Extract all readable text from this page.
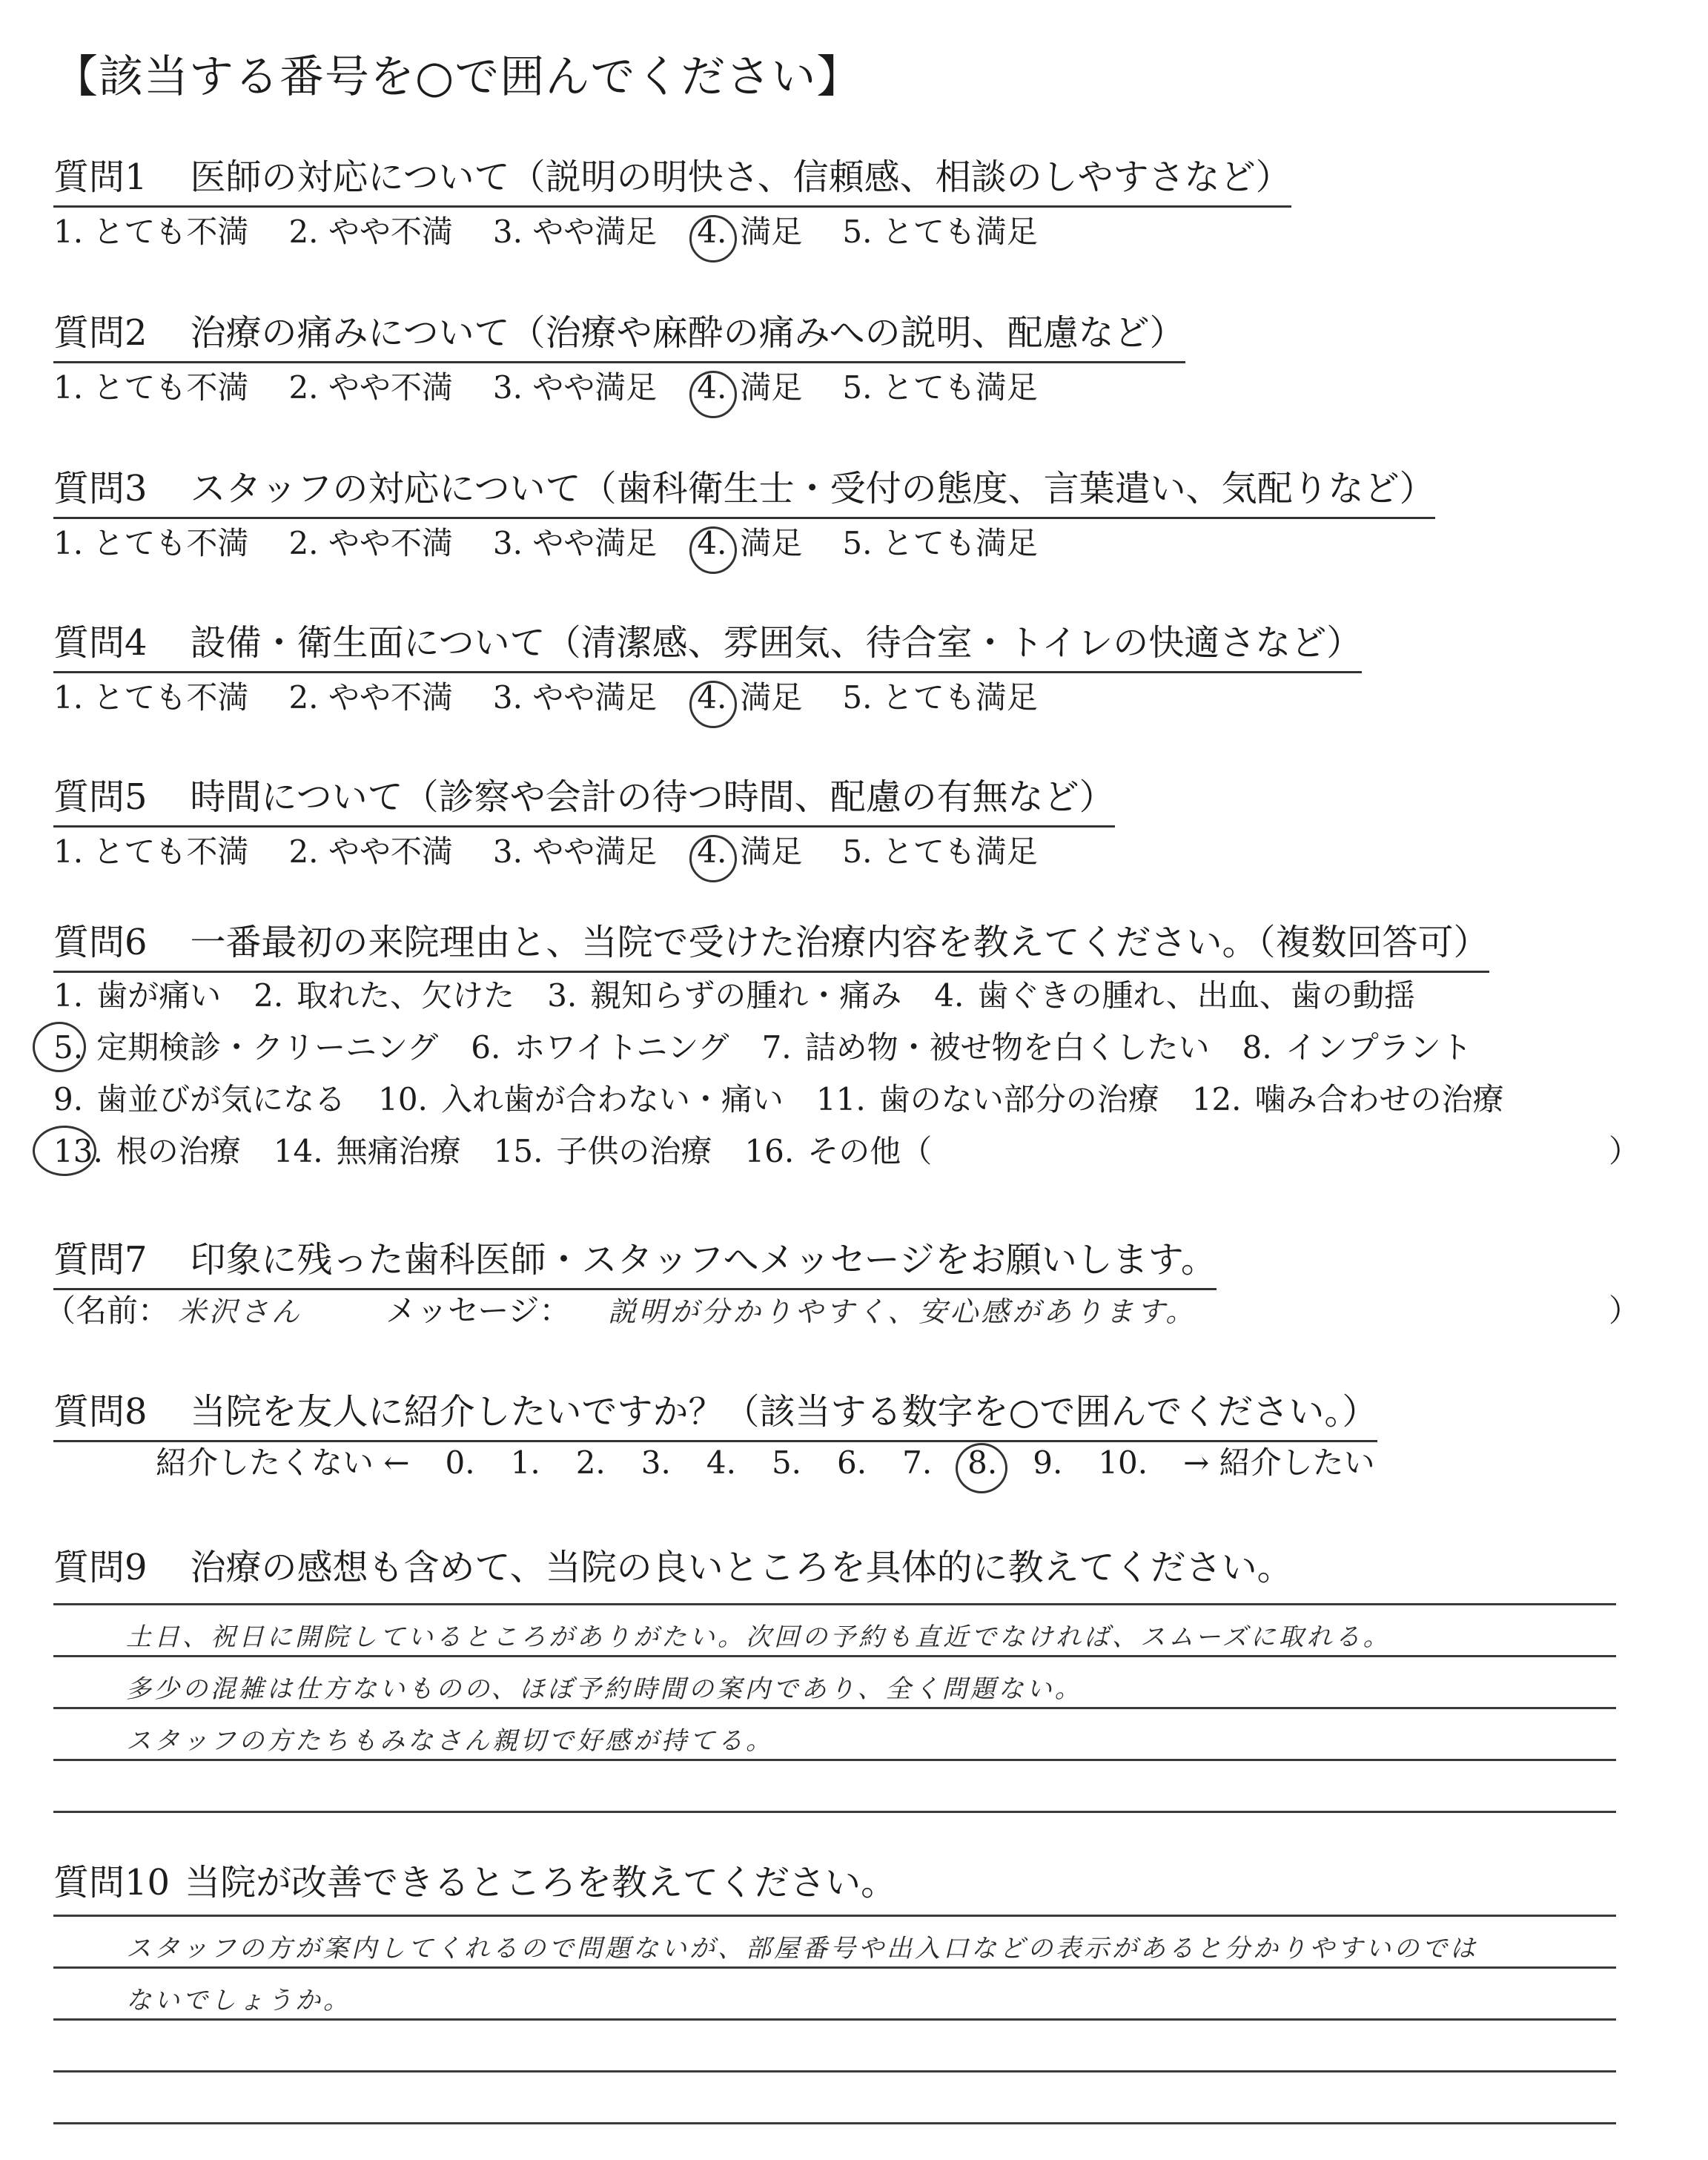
【該当する番号を○で囲んでください】
質問1 医師の対応について（説明の明快さ、信頼感、相談のしやすさなど）
1. とても不満 2. やや不満 3. やや満足 4. 満足 5. とても満足
質問2 治療の痛みについて（治療や麻酔の痛みへの説明、配慮など）
1. とても不満 2. やや不満 3. やや満足 4. 満足 5. とても満足
質問3 スタッフの対応について（歯科衛生士・受付の態度、言葉遣い、気配りなど）
1. とても不満 2. やや不満 3. やや満足 4. 満足 5. とても満足
質問4 設備・衛生面について（清潔感、雰囲気、待合室・トイレの快適さなど）
1. とても不満 2. やや不満 3. やや満足 4. 満足 5. とても満足
質問5 時間について（診察や会計の待つ時間、配慮の有無など）
1. とても不満 2. やや不満 3. やや満足 4. 満足 5. とても満足
質問6 一番最初の来院理由と、当院で受けた治療内容を教えてください。（複数回答可）
1. 歯が痛い 2. 取れた、欠けた 3. 親知らずの腫れ・痛み 4. 歯ぐきの腫れ、出血、歯の動揺
5. 定期検診・クリーニング 6. ホワイトニング 7. 詰め物・被せ物を白くしたい 8. インプラント
9. 歯並びが気になる 10. 入れ歯が合わない・痛い 11. 歯のない部分の治療 12. 噛み合わせの治療
13. 根の治療 14. 無痛治療 15. 子供の治療 16. その他（	）
質問7 印象に残った歯科医師・スタッフへメッセージをお願いします。
（名前： 米沢さん	メッセージ： 説明が分かりやすく、安心感があります。	）
質問8 当院を友人に紹介したいですか？（該当する数字を○で囲んでください。）
紹介したくない ← 0. 1. 2. 3. 4. 5. 6. 7. 8. 9. 10. → 紹介したい
質問9 治療の感想も含めて、当院の良いところを具体的に教えてください。
土日、祝日に開院しているところがありがたい。次回の予約も直近でなければ、スムーズに取れる。
多少の混雑は仕方ないものの、ほぼ予約時間の案内であり、全く問題ない。
スタッフの方たちもみなさん親切で好感が持てる。
質問10 当院が改善できるところを教えてください。
スタッフの方が案内してくれるので問題ないが、部屋番号や出入口などの表示があると分かりやすいのでは
ないでしょうか。
